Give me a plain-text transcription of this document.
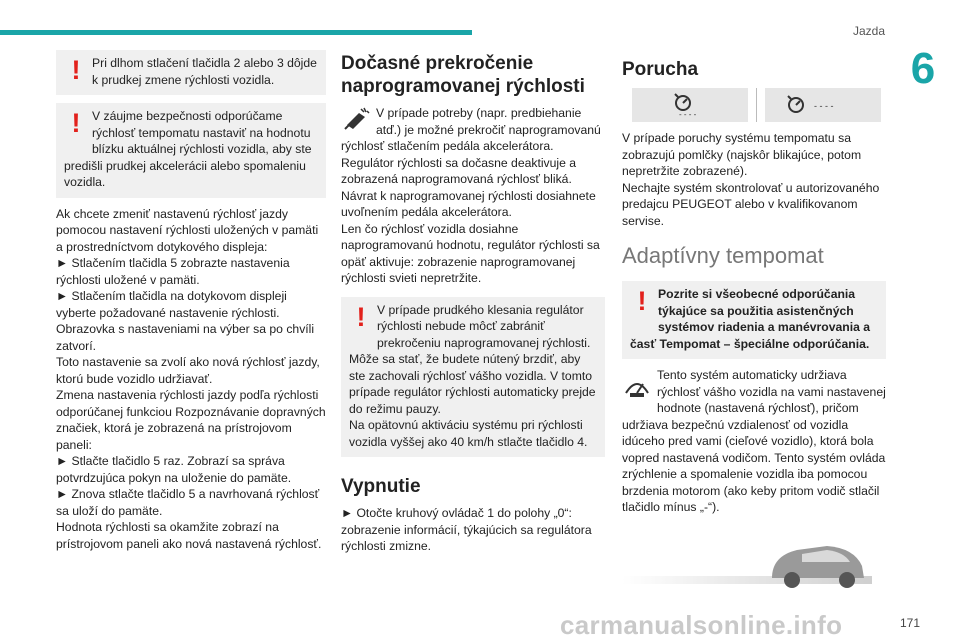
Jazda
6
! Pri dlhom stlačení tlačidla 2 alebo 3 dôjde k prudkej zmene rýchlosti vozidla.

! V záujme bezpečnosti odporúčame rýchlosť tempomatu nastaviť na hodnotu blízku aktuálnej rýchlosti vozidla, aby ste predišli prudkej akcelerácii alebo spomaleniu vozidla.

Ak chcete zmeniť nastavenú rýchlosť jazdy pomocou nastavení rýchlosti uložených v pamäti a prostredníctvom dotykového displeja:

► Stlačením tlačidla 5 zobrazte nastavenia rýchlosti uložené v pamäti.
► Stlačením tlačidla na dotykovom displeji vyberte požadované nastavenie rýchlosti.
Obrazovka s nastaveniami na výber sa po chvíli zatvorí.
Toto nastavenie sa zvolí ako nová rýchlosť jazdy, ktorú bude vozidlo udržiavať.
Zmena nastavenia rýchlosti jazdy podľa rýchlosti odporúčanej funkciou Rozpoznávanie dopravných značiek, ktorá je zobrazená na prístrojovom paneli:
► Stlačte tlačidlo 5 raz. Zobrazí sa správa potvrdzujúca pokyn na uloženie do pamäte.
► Znova stlačte tlačidlo 5 a navrhovaná rýchlosť sa uloží do pamäte.
Hodnota rýchlosti sa okamžite zobrazí na prístrojovom paneli ako nová nastavená rýchlosť.

Dočasné prekročenie naprogramovanej rýchlosti

V prípade potreby (napr. predbiehanie atď.) je možné prekročiť naprogramovanú rýchlosť stlačením pedála akcelerátora.
Regulátor rýchlosti sa dočasne deaktivuje a zobrazená naprogramovaná rýchlosť bliká.
Návrat k naprogramovanej rýchlosti dosiahnete uvoľnením pedála akcelerátora.
Len čo rýchlosť vozidla dosiahne naprogramovanú hodnotu, regulátor rýchlosti sa opäť aktivuje: zobrazenie naprogramovanej rýchlosti svieti nepretržite.

! V prípade prudkého klesania regulátor rýchlosti nebude môcť zabrániť prekročeniu naprogramovanej rýchlosti.
Môže sa stať, že budete nútený brzdiť, aby ste zachovali rýchlosť vášho vozidla. V tomto prípade regulátor rýchlosti automaticky prejde do režimu pauzy.
Na opätovnú aktiváciu systému pri rýchlosti vozidla vyššej ako 40 km/h stlačte tlačidlo 4.

Vypnutie

► Otočte kruhový ovládač 1 do polohy „0“: zobrazenie informácií, týkajúcich sa regulátora rýchlosti zmizne.

Porucha
- - - -
- - - -

V prípade poruchy systému tempomatu sa zobrazujú pomlčky (najskôr blikajúce, potom nepretržite zobrazené).
Nechajte systém skontrolovať u autorizovaného predajcu PEUGEOT alebo v kvalifikovanom servise.

Adaptívny tempomat
! Pozrite si všeobecné odporúčania týkajúce sa použitia asistenčných systémov riadenia a manévrovania a časť Tempomat – špeciálne odporúčania.

Tento systém automaticky udržiava rýchlosť vášho vozidla na vami nastavenej hodnote (nastavená rýchlosť), pričom udržiava bezpečnú vzdialenosť od vozidla idúceho pred vami (cieľové vozidlo), ktorá bola vopred nastavená vodičom. Tento systém ovláda zrýchlenie a spomalenie vozidla iba pomocou brzdenia motorom (ako keby pritom vodič stlačil tlačidlo mínus „-“).

171
carmanualsonline.info
